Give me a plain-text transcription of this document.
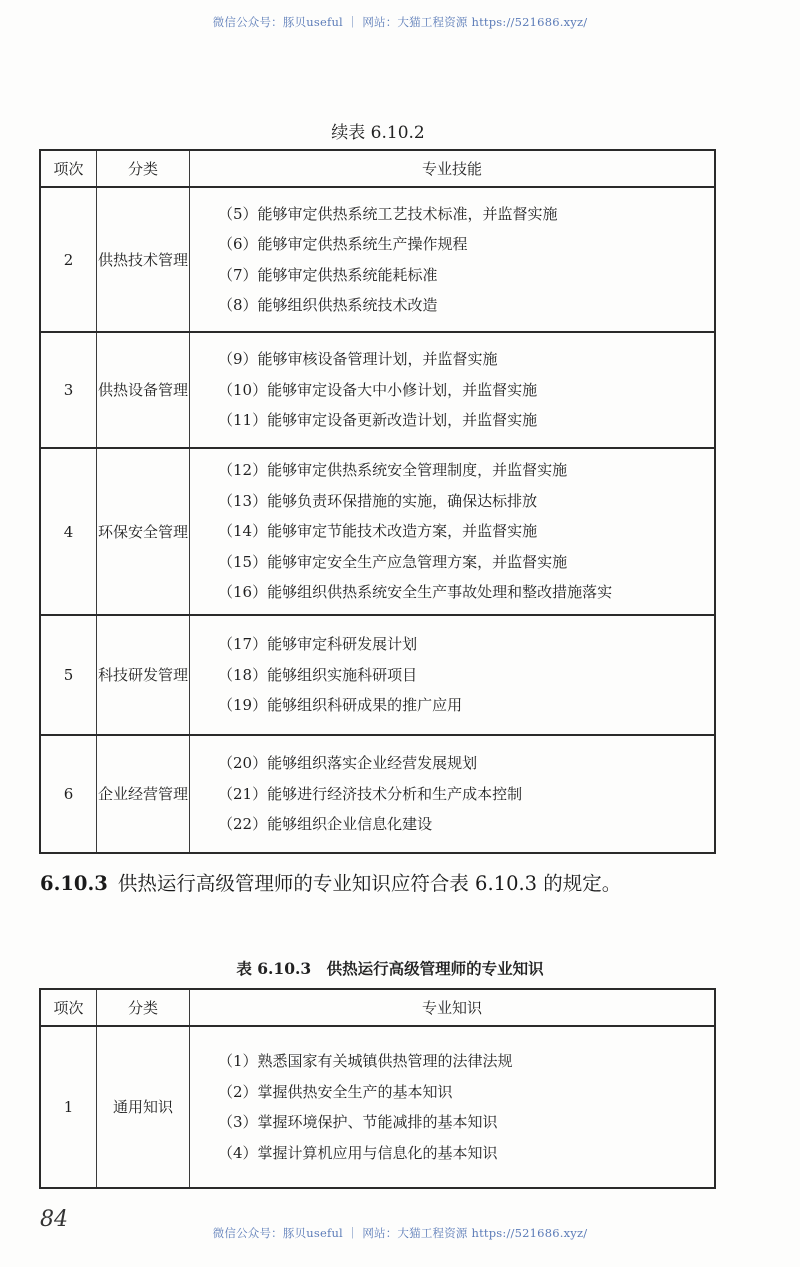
微信公众号：豚贝useful ｜ 网站：大猫工程资源 https://521686.xyz/
续表 6.10.2
项次	分类	专业技能
2	供热技术管理	
（5）能够审定供热系统工艺技术标准，并监督实施
（6）能够审定供热系统生产操作规程
（7）能够审定供热系统能耗标准
（8）能够组织供热系统技术改造

3	供热设备管理	
（9）能够审核设备管理计划，并监督实施
（10）能够审定设备大中小修计划，并监督实施
（11）能够审定设备更新改造计划，并监督实施

4	环保安全管理	
（12）能够审定供热系统安全管理制度，并监督实施
（13）能够负责环保措施的实施，确保达标排放
（14）能够审定节能技术改造方案，并监督实施
（15）能够审定安全生产应急管理方案，并监督实施
（16）能够组织供热系统安全生产事故处理和整改措施落实

5	科技研发管理	
（17）能够审定科研发展计划
（18）能够组织实施科研项目
（19）能够组织科研成果的推广应用

6	企业经营管理	
（20）能够组织落实企业经营发展规划
（21）能够进行经济技术分析和生产成本控制
（22）能够组织企业信息化建设
6.10.3 供热运行高级管理师的专业知识应符合表 6.10.3 的规定。
表 6.10.3　供热运行高级管理师的专业知识
项次	分类	专业知识
1	通用知识	
（1）熟悉国家有关城镇供热管理的法律法规
（2）掌握供热安全生产的基本知识
（3）掌握环境保护、节能减排的基本知识
（4）掌握计算机应用与信息化的基本知识
84
微信公众号：豚贝useful ｜ 网站：大猫工程资源 https://521686.xyz/
